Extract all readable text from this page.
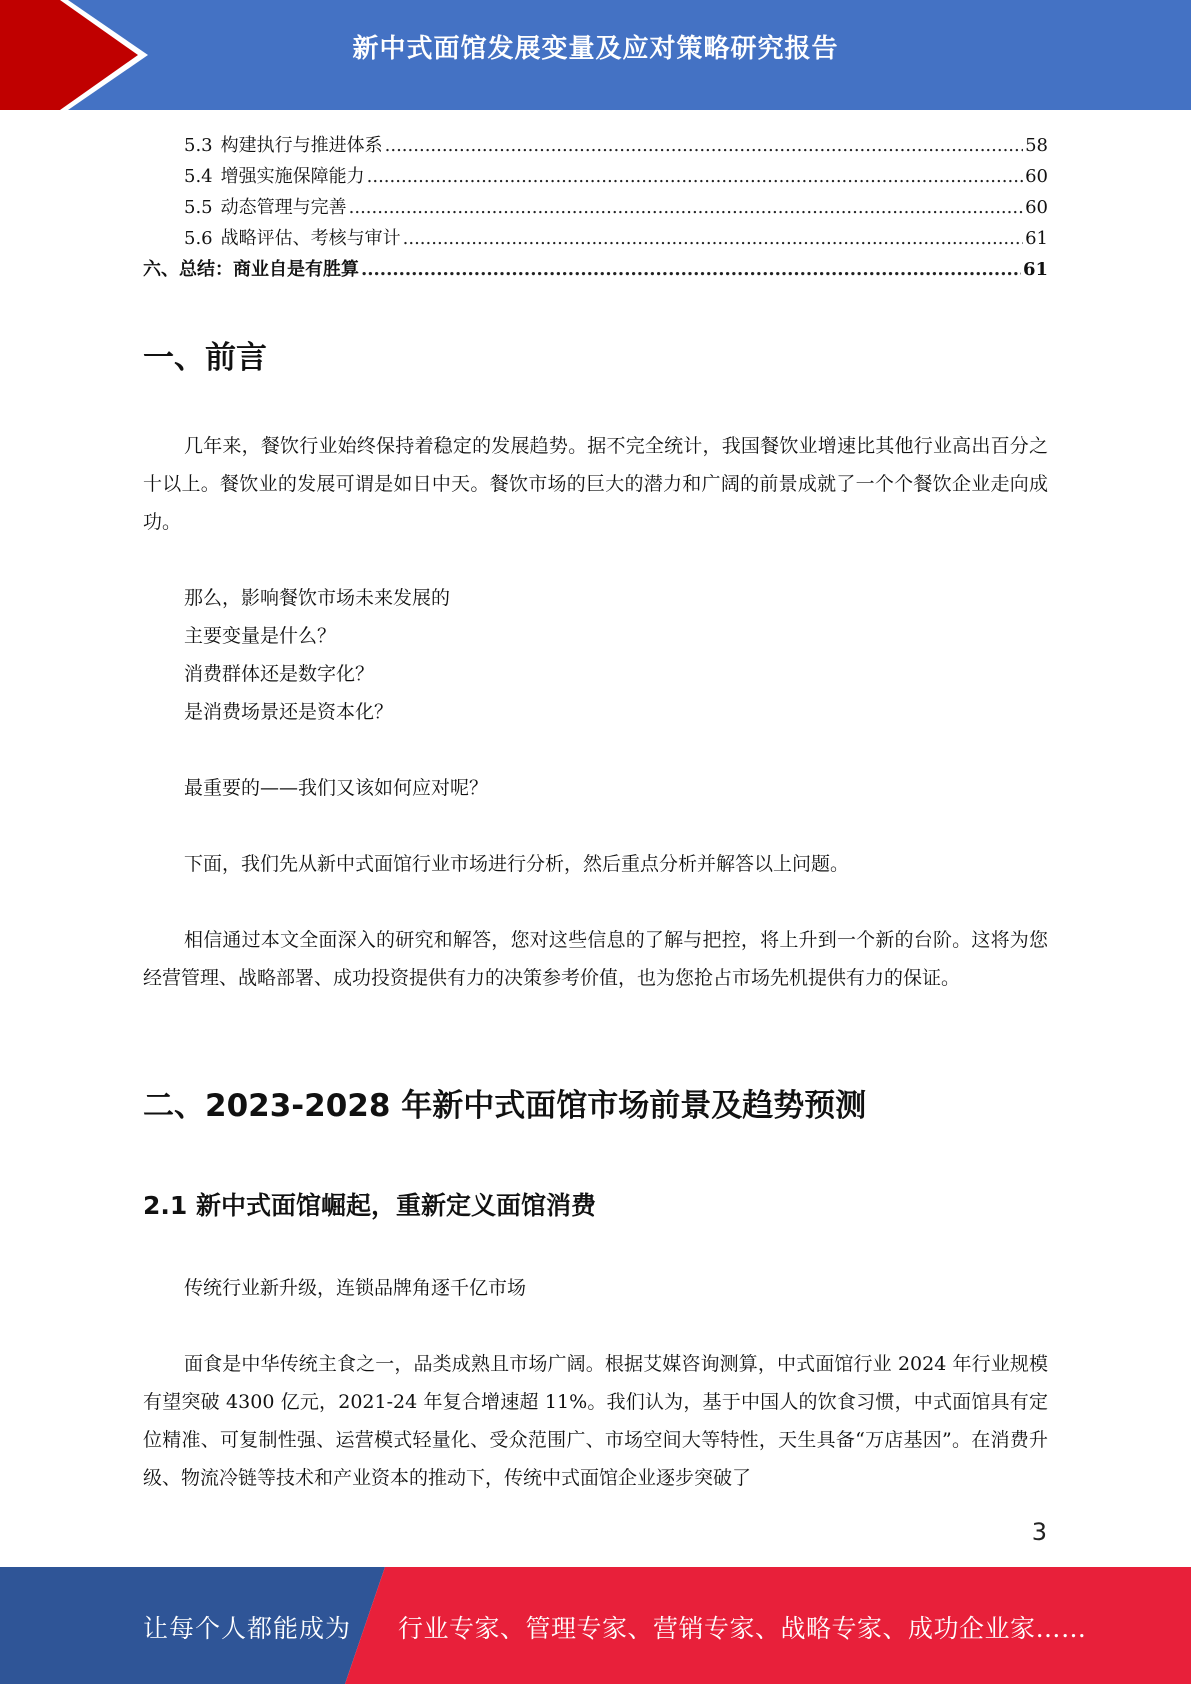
新中式面馆发展变量及应对策略研究报告
5.3 构建执行与推进体系 .....	58
5.4 增强实施保障能力 .....	60
5.5 动态管理与完善 .....	60
5.6 战略评估、考核与审计 .....	61
六、总结：商业自是有胜算 .....	61
一、前言

几年来，餐饮行业始终保持着稳定的发展趋势。据不完全统计，我国餐饮业增速比其他行业高出百分之十以上。餐饮业的发展可谓是如日中天。餐饮市场的巨大的潜力和广阔的前景成就了一个个餐饮企业走向成功。

那么，影响餐饮市场未来发展的

主要变量是什么？

消费群体还是数字化？

是消费场景还是资本化？

最重要的——我们又该如何应对呢？

下面，我们先从新中式面馆行业市场进行分析，然后重点分析并解答以上问题。

相信通过本文全面深入的研究和解答，您对这些信息的了解与把控，将上升到一个新的台阶。这将为您经营管理、战略部署、成功投资提供有力的决策参考价值，也为您抢占市场先机提供有力的保证。

二、2023-2028 年新中式面馆市场前景及趋势预测
2.1 新中式面馆崛起，重新定义面馆消费

传统行业新升级，连锁品牌角逐千亿市场

面食是中华传统主食之一，品类成熟且市场广阔。根据艾媒咨询测算，中式面馆行业 2024 年行业规模有望突破 4300 亿元，2021-24 年复合增速超 11%。我们认为，基于中国人的饮食习惯，中式面馆具有定位精准、可复制性强、运营模式轻量化、受众范围广、市场空间大等特性，天生具备“万店基因”。在消费升级、物流冷链等技术和产业资本的推动下，传统中式面馆企业逐步突破了

3
让每个人都能成为 行业专家、管理专家、营销专家、战略专家、成功企业家……
